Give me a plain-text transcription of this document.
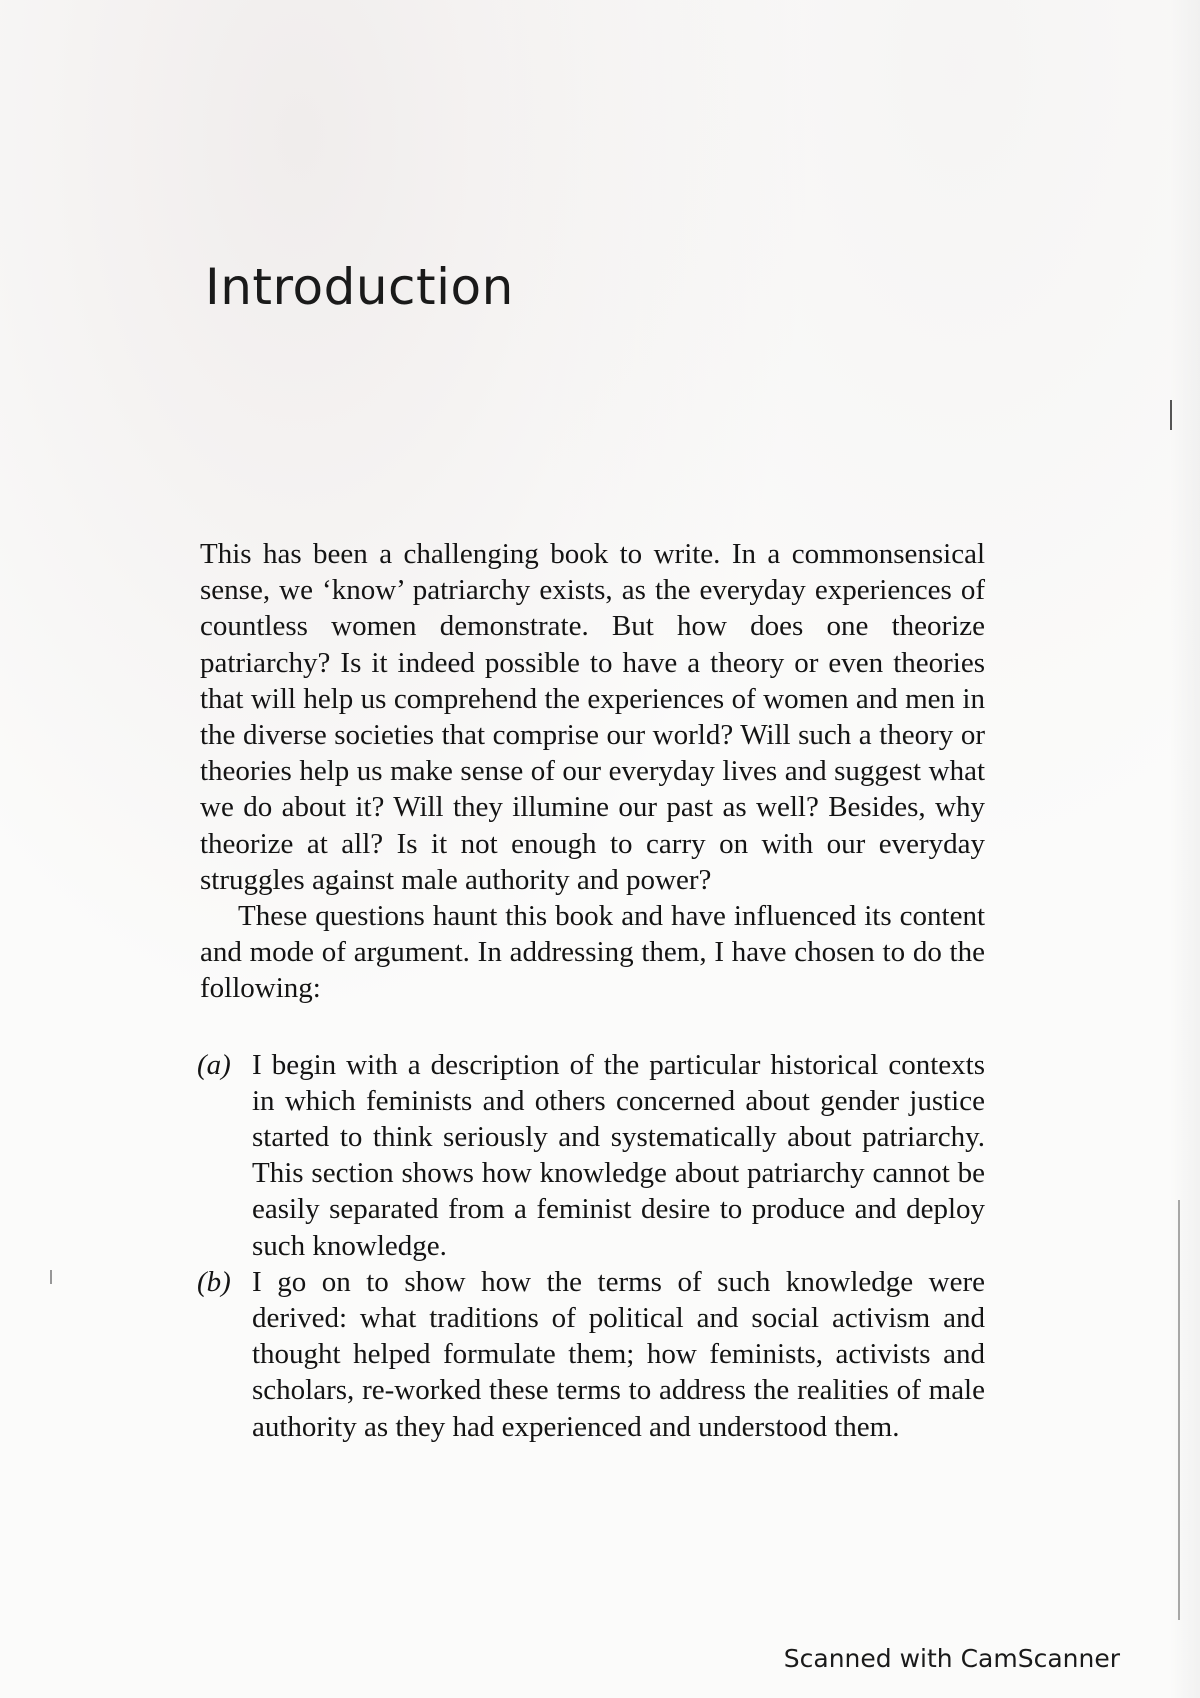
Introduction

This has been a challenging book to write. In a commonsensical sense, we ‘know’ patriarchy exists, as the everyday experiences of countless women demonstrate. But how does one theorize patriarchy? Is it indeed possible to have a theory or even theories that will help us comprehend the experiences of women and men in the diverse societies that comprise our world? Will such a theory or theories help us make sense of our everyday lives and suggest what we do about it? Will they illumine our past as well? Besides, why theorize at all? Is it not enough to carry on with our everyday struggles against male authority and power?

These questions haunt this book and have influenced its content and mode of argument. In addressing them, I have chosen to do the following:

(a) I begin with a description of the particular historical contexts in which feminists and others concerned about gender justice started to think seriously and systematically about patriarchy. This section shows how knowledge about patriarchy cannot be easily separated from a feminist desire to produce and deploy such knowledge.
(b) I go on to show how the terms of such knowledge were derived: what traditions of political and social activism and thought helped formulate them; how feminists, activists and scholars, re-worked these terms to address the realities of male authority as they had experienced and understood them.
Scanned with CamScanner
